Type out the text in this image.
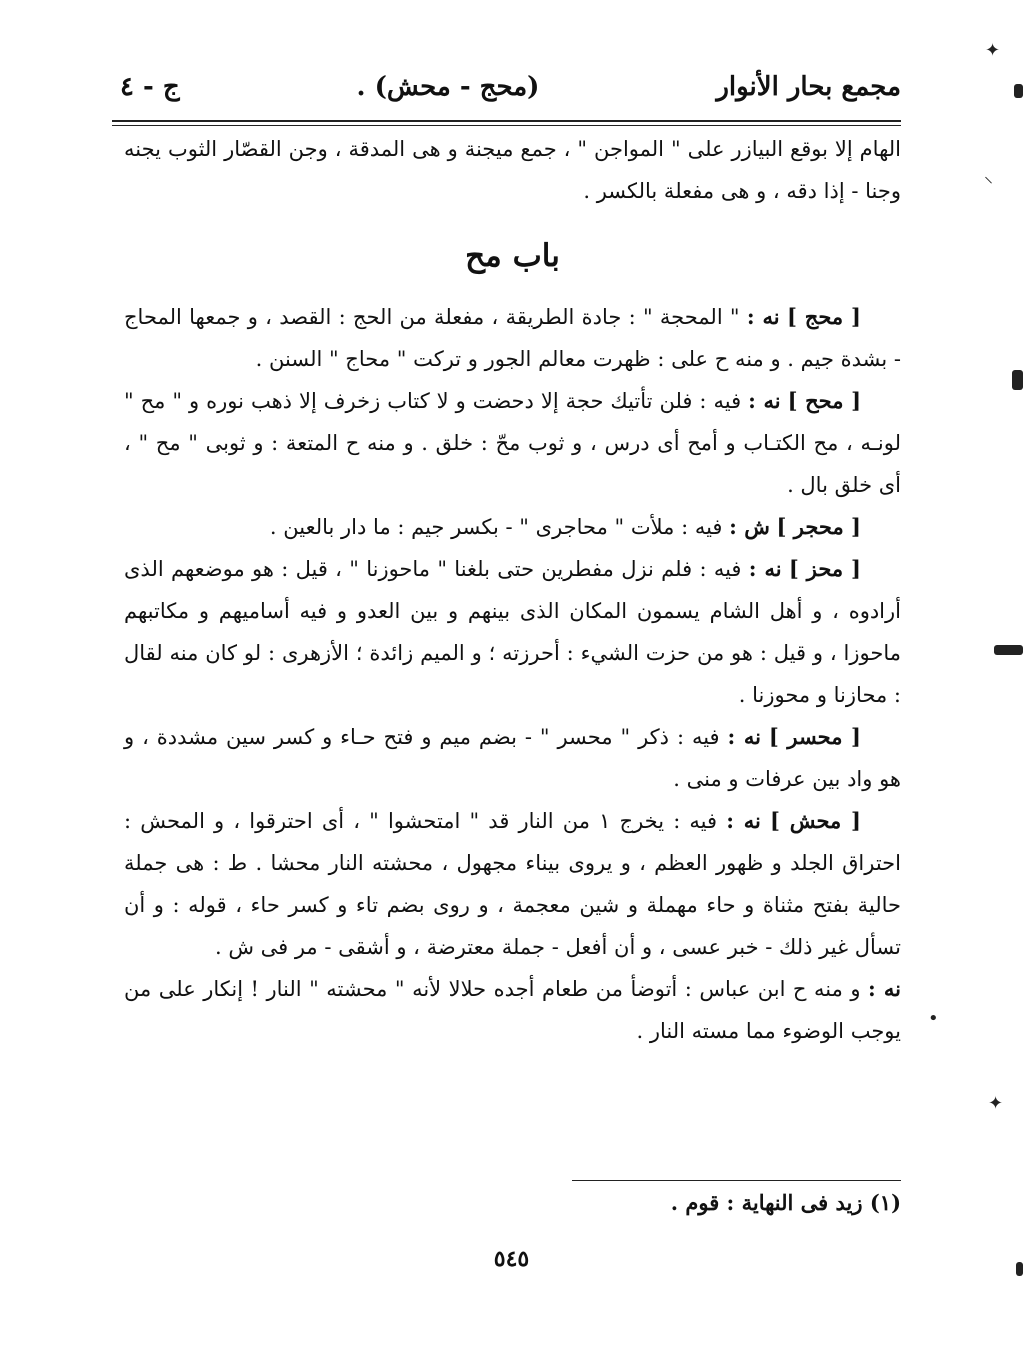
مجمع بحار الأنوار
(محج - محش) .
ج - ٤

الهام إلا بوقع البيازر على " المواجن " ، جمع ميجنة و هى المدقة ، وجن القصّار الثوب يجنه وجنا - إذا دقه ، و هى مفعلة بالكسر .

باب مح

[ محج ] نه : " المحجة " : جادة الطريقة ، مفعلة من الحج : القصد ، و جمعها المحاج - بشدة جيم . و منه ح على : ظهرت معالم الجور و تركت " محاج " السنن .

[ محح ] نه : فيه : فلن تأتيك حجة إلا دحضت و لا كتاب زخرف إلا ذهب نوره و " مح " لونـه ، مح الكتـاب و أمح أى درس ، و ثوب محّ : خلق . و منه ح المتعة : و ثوبى " مح " ، أى خلق بال .

[ محجر ] ش : فيه : ملأت " محاجرى " - بكسر جيم : ما دار بالعين .

[ محز ] نه : فيه : فلم نزل مفطرين حتى بلغنا " ماحوزنا " ، قيل : هو موضعهم الذى أرادوه ، و أهل الشام يسمون المكان الذى بينهم و بين العدو و فيه أساميهم و مكاتبهم ماحوزا ، و قيل : هو من حزت الشيء : أحرزته ؛ و الميم زائدة ؛ الأزهرى : لو كان منه لقال : محازنا و محوزنا .

[ محسر ] نه : فيه : ذكر " محسر " - بضم ميم و فتح حـاء و كسر سين مشددة ، و هو واد بين عرفات و منى .

[ محش ] نه : فيه : يخرج ١ من النار قد " امتحشوا " ، أى احترقوا ، و المحش : احتراق الجلد و ظهور العظم ، و يروى بيناء مجهول ، محشته النار محشا . ط : هى جملة حالية بفتح مثناة و حاء مهملة و شين معجمة ، و روى بضم تاء و كسر حاء ، قوله : و أن تسأل غير ذلك - خبر عسى ، و أن أفعل - جملة معترضة ، و أشقى - مر فى ش .

نه : و منه ح ابن عباس : أتوضأ من طعام أجده حلالا لأنه " محشته " النار ! إنكار على من يوجب الوضوء مما مسته النار .

(١) زيد فى النهاية : قوم .
٥٤٥
✦
⸝
•
✦
